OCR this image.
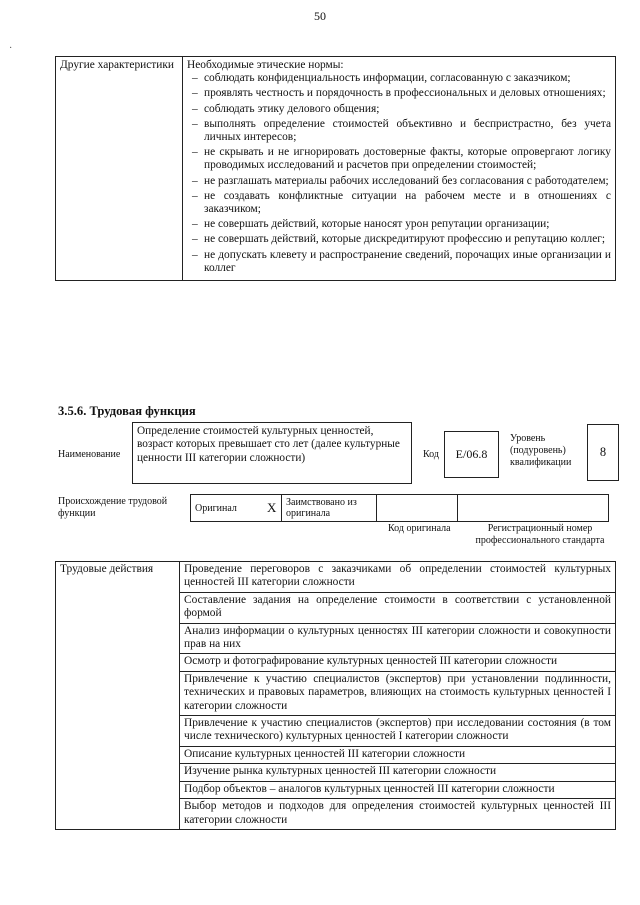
50
·
Другие характеристики	Необходимые этические нормы:
– соблюдать конфиденциальность информации, согласованную с заказчиком;
– проявлять честность и порядочность в профессиональных и деловых отношениях;
– соблюдать этику делового общения;
– выполнять определение стоимостей объективно и беспристрастно, без учета личных интересов;
– не скрывать и не игнорировать достоверные факты, которые опровергают логику проводимых исследований и расчетов при определении стоимостей;
– не разглашать материалы рабочих исследований без согласования с работодателем;
– не создавать конфликтные ситуации на рабочем месте и в отношениях с заказчиком;
– не совершать действий, которые наносят урон репутации организации;
– не совершать действий, которые дискредитируют профессию и репутацию коллег;
– не допускать клевету и распространение сведений, порочащих иные организации и коллег
3.5.6. Трудовая функция
Наименование
Определение стоимостей культурных ценностей, возраст которых превышает сто лет (далее культурные ценности III категории сложности)	Код	E/06.8
Уровень (подуровень) квалификации
8
Происхождение трудовой функции	Оригинал	X	Заимствовано из оригинала		
Код оригинала	Регистрационный номер профессионального стандарта
Трудовые действия	Проведение переговоров с заказчиками об определении стоимостей культурных ценностей III категории сложности
Составление задания на определение стоимости в соответствии с установленной формой
Анализ информации о культурных ценностях III категории сложности и совокупности прав на них
Осмотр и фотографирование культурных ценностей III категории сложности
Привлечение к участию специалистов (экспертов) при установлении подлинности, технических и правовых параметров, влияющих на стоимость культурных ценностей I категории сложности
Привлечение к участию специалистов (экспертов) при исследовании состояния (в том числе технического) культурных ценностей I категории сложности
Описание культурных ценностей III категории сложности
Изучение рынка культурных ценностей III категории сложности
Подбор объектов – аналогов культурных ценностей III категории сложности
Выбор методов и подходов для определения стоимостей культурных ценностей III категории сложности
